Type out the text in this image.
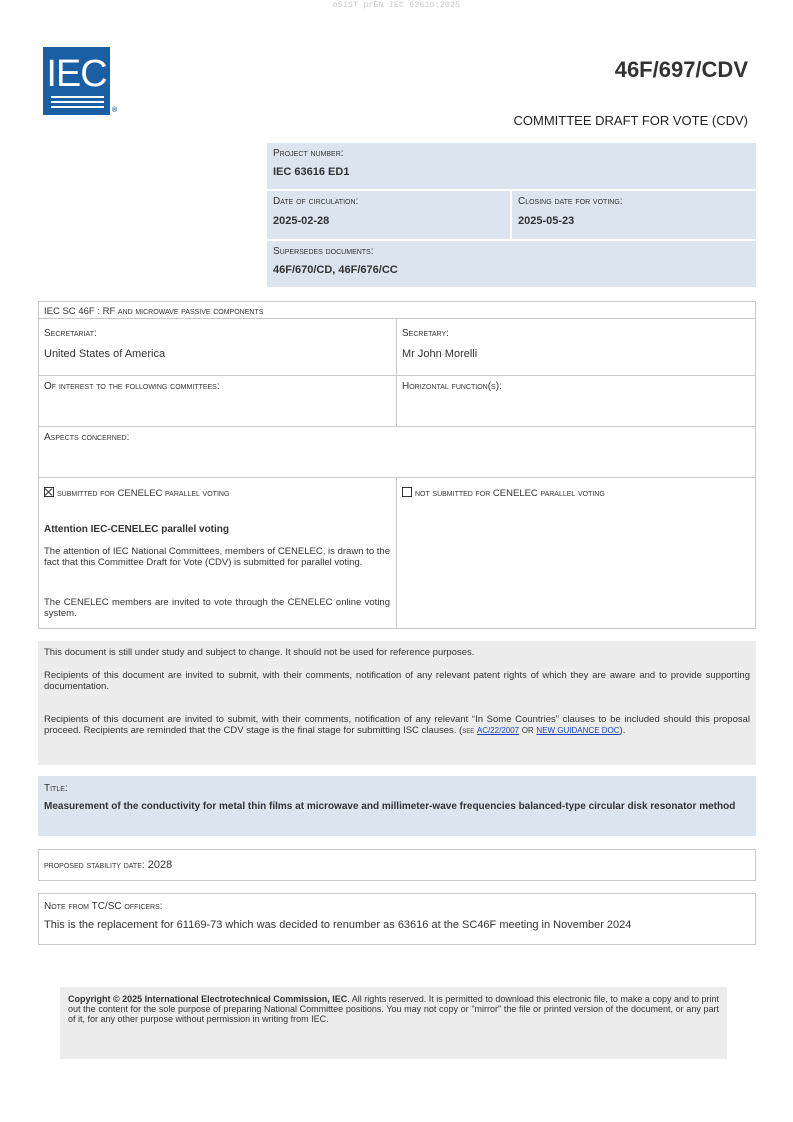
oSIST prEN IEC 63616:2025
IEC
®
46F/697/CDV
COMMITTEE DRAFT FOR VOTE (CDV)
Project number:
IEC 63616 ED1
Date of circulation:
2025-02-28
Closing date for voting:
2025-05-23
Supersedes documents:
46F/670/CD, 46F/676/CC
IEC SC 46F : RF and microwave passive components
Secretariat:
United States of America
Secretary:
Mr John Morelli
Of interest to the following committees:	Horizontal function(s):
Aspects concerned:
submitted for CENELEC parallel voting	not submitted for CENELEC parallel voting
Attention IEC-CENELEC parallel voting

The attention of IEC National Committees, members of CENELEC, is drawn to the fact that this Committee Draft for Vote (CDV) is submitted for parallel voting.

The CENELEC members are invited to vote through the CENELEC online voting system.

This document is still under study and subject to change. It should not be used for reference purposes.

Recipients of this document are invited to submit, with their comments, notification of any relevant patent rights of which they are aware and to provide supporting documentation.

Recipients of this document are invited to submit, with their comments, notification of any relevant “In Some Countries” clauses to be included should this proposal proceed. Recipients are reminded that the CDV stage is the final stage for submitting ISC clauses. (see AC/22/2007 OR NEW GUIDANCE DOC).

Title:
Measurement of the conductivity for metal thin films at microwave and millimeter-wave frequencies balanced-type circular disk resonator method
proposed stability date: 2028
Note from TC/SC officers:
This is the replacement for 61169-73 which was decided to renumber as 63616 at the SC46F meeting in November 2024
Copyright © 2025 International Electrotechnical Commission, IEC. All rights reserved. It is permitted to download this electronic file, to make a copy and to print out the content for the sole purpose of preparing National Committee positions. You may not copy or "mirror" the file or printed version of the document, or any part of it, for any other purpose without permission in writing from IEC.
